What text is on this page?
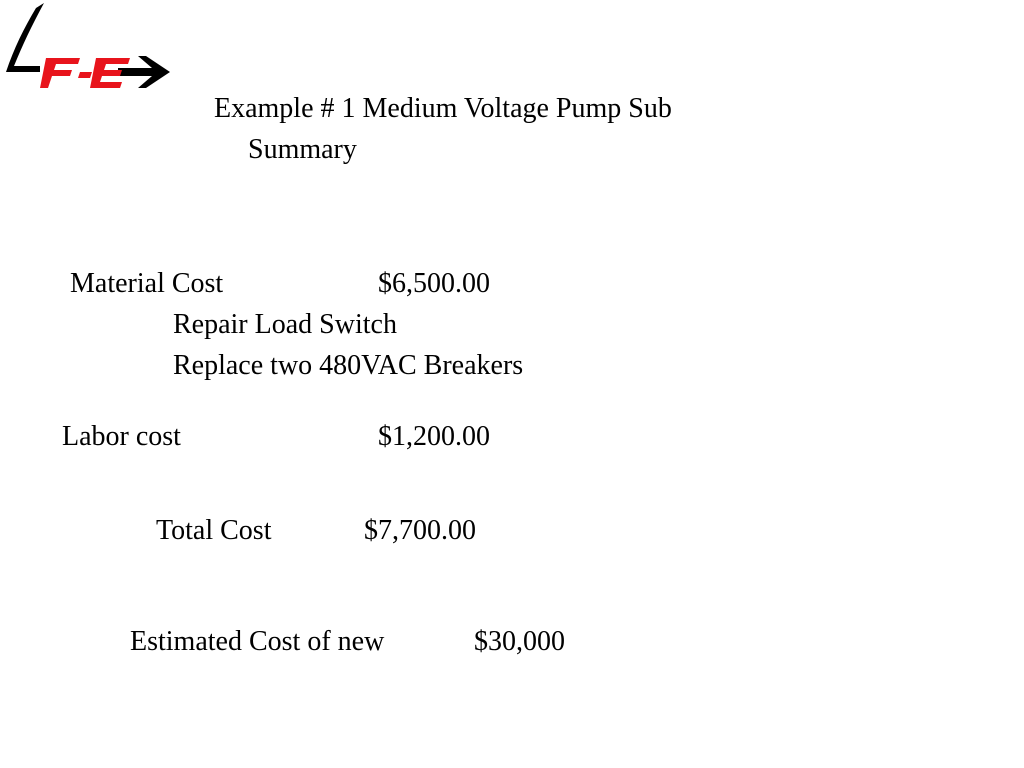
Example # 1 Medium Voltage Pump Sub
Summary
Material Cost	$6,500.00
Repair Load Switch
Replace two 480VAC Breakers
Labor cost	$1,200.00
Total Cost	$7,700.00
Estimated Cost of new	$30,000
